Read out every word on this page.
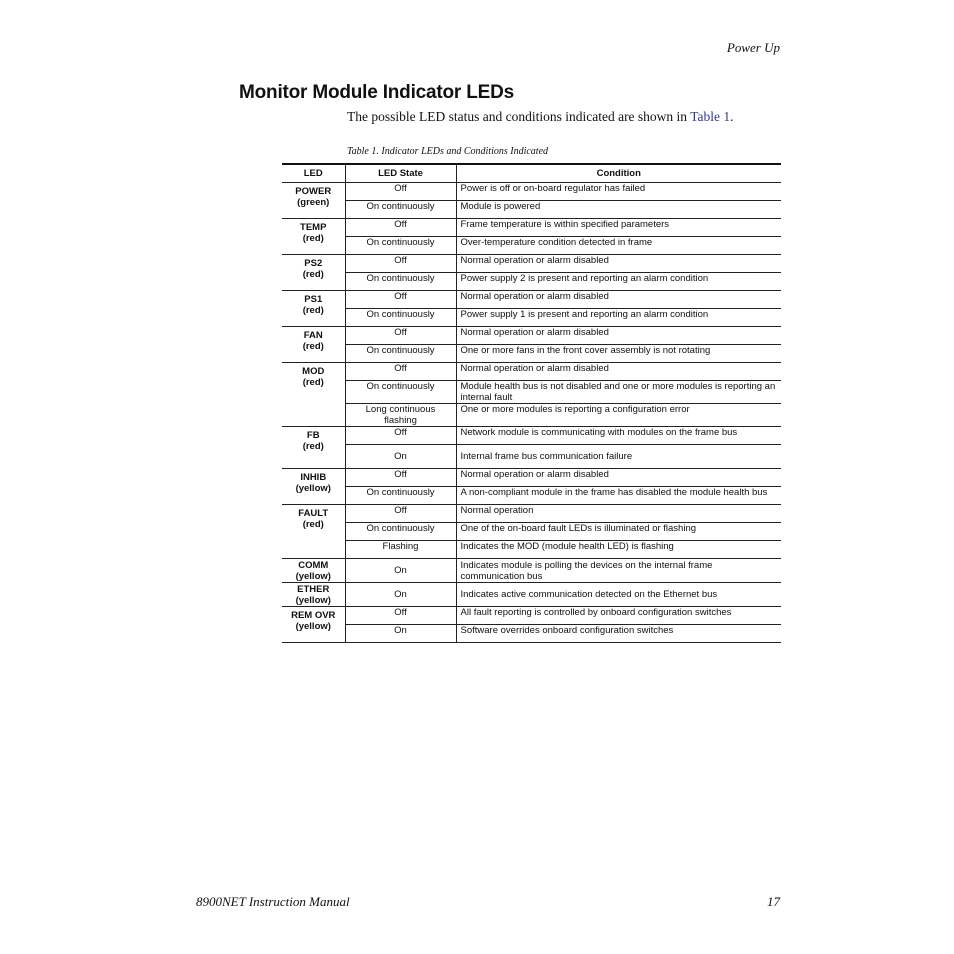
Power Up
Monitor Module Indicator LEDs

The possible LED status and conditions indicated are shown in Table 1.

Table 1. Indicator LEDs and Conditions Indicated

LED	LED State	Condition

POWER
(green)	Off	Power is off or on-board regulator has failed
	On continuously	Module is powered

TEMP
(red)	Off	Frame temperature is within specified parameters
	On continuously	Over-temperature condition detected in frame

PS2
(red)	Off	Normal operation or alarm disabled
	On continuously	Power supply 2 is present and reporting an alarm condition

PS1
(red)	Off	Normal operation or alarm disabled
	On continuously	Power supply 1 is present and reporting an alarm condition

FAN
(red)	Off	Normal operation or alarm disabled
	On continuously	One or more fans in the front cover assembly is not rotating

MOD
(red)	Off	Normal operation or alarm disabled
	On continuously	Module health bus is not disabled and one or more modules is reporting an internal fault
	Long continuous flashing	One or more modules is reporting a configuration error

FB
(red)	Off	Network module is communicating with modules on the frame bus
	On	Internal frame bus communication failure

INHIB
(yellow)	Off	Normal operation or alarm disabled
	On continuously	A non-compliant module in the frame has disabled the module health bus

FAULT
(red)	Off	Normal operation
	On continuously	One of the on-board fault LEDs is illuminated or flashing
	Flashing	Indicates the MOD (module health LED) is flashing

COMM
(yellow)	On	Indicates module is polling the devices on the internal frame communication bus

ETHER
(yellow)	On	Indicates active communication detected on the Ethernet bus

REM OVR
(yellow)	Off	All fault reporting is controlled by onboard configuration switches
	On	Software overrides onboard configuration switches
8900NET Instruction Manual	17
